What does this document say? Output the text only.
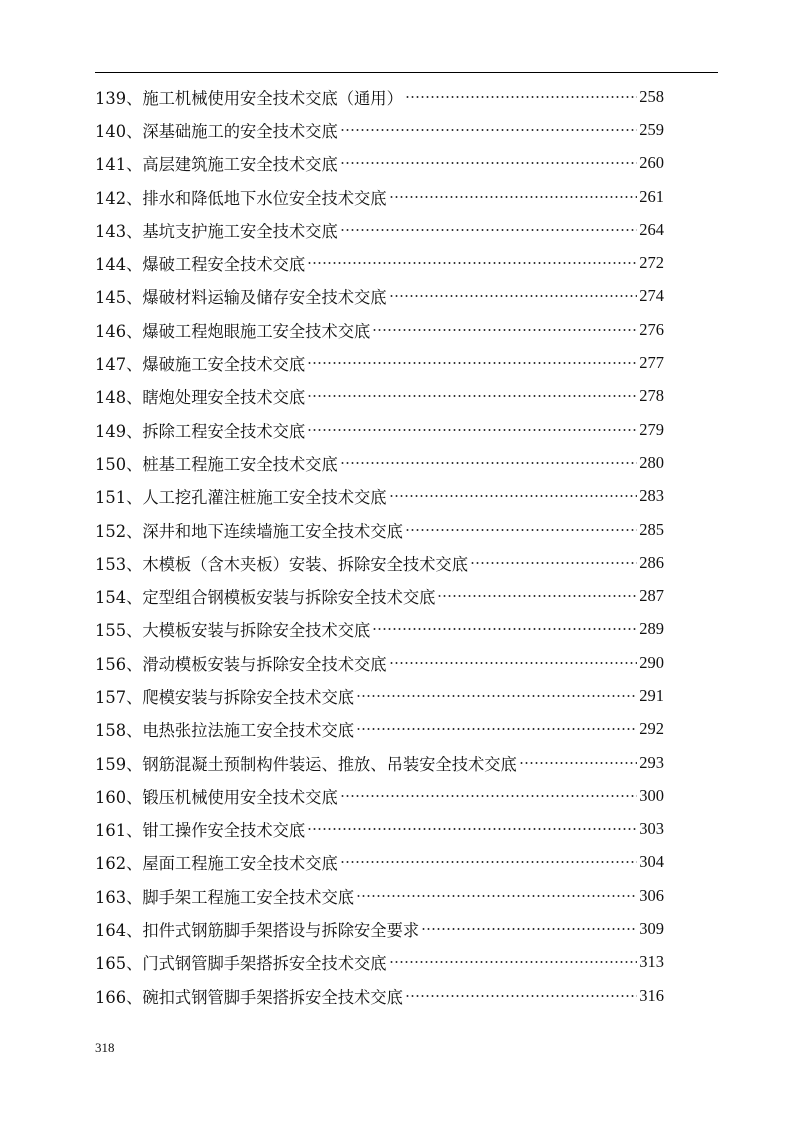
139、施工机械使用安全技术交底（通用）	258
140、深基础施工的安全技术交底	259
141、高层建筑施工安全技术交底	260
142、排水和降低地下水位安全技术交底	261
143、基坑支护施工安全技术交底	264
144、爆破工程安全技术交底	272
145、爆破材料运输及储存安全技术交底	274
146、爆破工程炮眼施工安全技术交底	276
147、爆破施工安全技术交底	277
148、瞎炮处理安全技术交底	278
149、拆除工程安全技术交底	279
150、桩基工程施工安全技术交底	280
151、人工挖孔灌注桩施工安全技术交底	283
152、深井和地下连续墙施工安全技术交底	285
153、木模板（含木夹板）安装、拆除安全技术交底	286
154、定型组合钢模板安装与拆除安全技术交底	287
155、大模板安装与拆除安全技术交底	289
156、滑动模板安装与拆除安全技术交底	290
157、爬模安装与拆除安全技术交底	291
158、电热张拉法施工安全技术交底	292
159、钢筋混凝土预制构件装运、推放、吊装安全技术交底	293
160、锻压机械使用安全技术交底	300
161、钳工操作安全技术交底	303
162、屋面工程施工安全技术交底	304
163、脚手架工程施工安全技术交底	306
164、扣件式钢筋脚手架搭设与拆除安全要求	309
165、门式钢管脚手架搭拆安全技术交底	313
166、碗扣式钢管脚手架搭拆安全技术交底	316
318
